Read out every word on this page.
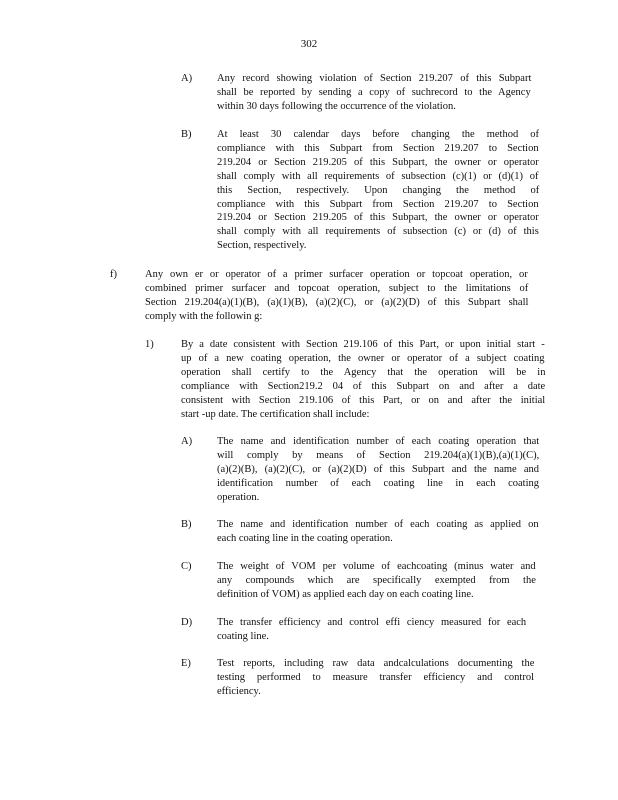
302
A) Any record showing violation of Section 219.207 of this Subpart
shall be reported by sending a copy of suchrecord to the Agency
within 30 days following the occurrence of the violation.
B) At least 30 calendar days before changing the method of
compliance with this Subpart from Section 219.207 to Section
219.204 or Section 219.205 of this Subpart, the owner or operator
shall comply with all requirements of subsection (c)(1) or (d)(1) of
this Section, respectively. Upon changing the method of
compliance with this Subpart from Section 219.207 to Section
219.204 or Section 219.205 of this Subpart, the owner or operator
shall comply with all requirements of subsection (c) or (d) of this
Section, respectively.
f)	Any own er or operator of a primer surfacer operation or topcoat operation, or
combined primer surfacer and topcoat operation, subject to the limitations of
Section 219.204(a)(1)(B), (a)(1)(B), (a)(2)(C), or (a)(2)(D) of this Subpart shall
comply with the followin g:
1)	By a date consistent with Section 219.106 of this Part, or upon initial start -
up of a new coating operation, the owner or operator of a subject coating
operation shall certify to the Agency that the operation will be in
compliance with Section219.2 04 of this Subpart on and after a date
consistent with Section 219.106 of this Part, or on and after the initial
start -up date. The certification shall include:
A) The name and identification number of each coating operation that
will comply by means of Section 219.204(a)(1)(B),(a)(1)(C),
(a)(2)(B), (a)(2)(C), or (a)(2)(D) of this Subpart and the name and
identification number of each coating line in each coating
operation.
B) The name and identification number of each coating as applied on
each coating line in the coating operation.
C) The weight of VOM per volume of eachcoating (minus water and
any compounds which are specifically exempted from the
definition of VOM) as applied each day on each coating line.
D) The transfer efficiency and control effi ciency measured for each
coating line.
E) Test reports, including raw data andcalculations documenting the
testing performed to measure transfer efficiency and control
efficiency.
